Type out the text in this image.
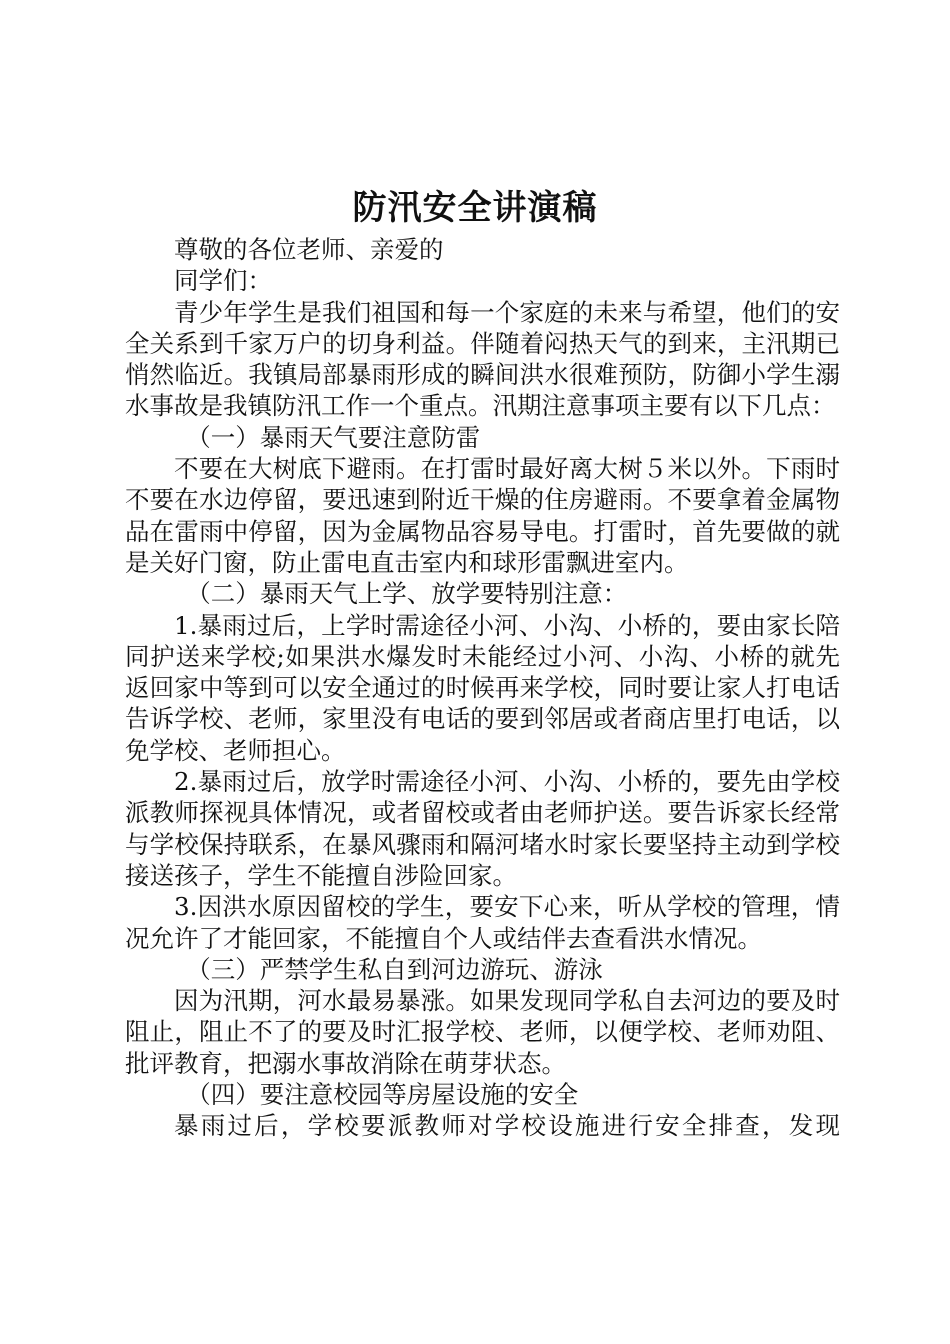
防汛安全讲演稿

尊敬的各位老师、亲爱的

同学们：

青少年学生是我们祖国和每一个家庭的未来与希望，他们的安全关系到千家万户的切身利益。伴随着闷热天气的到来，主汛期已悄然临近。我镇局部暴雨形成的瞬间洪水很难预防，防御小学生溺水事故是我镇防汛工作一个重点。汛期注意事项主要有以下几点：

（一）暴雨天气要注意防雷

不要在大树底下避雨。在打雷时最好离大树５米以外。下雨时不要在水边停留，要迅速到附近干燥的住房避雨。不要拿着金属物品在雷雨中停留，因为金属物品容易导电。打雷时，首先要做的就是关好门窗，防止雷电直击室内和球形雷飘进室内。

（二）暴雨天气上学、放学要特别注意：

1.暴雨过后，上学时需途径小河、小沟、小桥的，要由家长陪同护送来学校;如果洪水爆发时未能经过小河、小沟、小桥的就先返回家中等到可以安全通过的时候再来学校，同时要让家人打电话告诉学校、老师，家里没有电话的要到邻居或者商店里打电话，以免学校、老师担心。

2.暴雨过后，放学时需途径小河、小沟、小桥的，要先由学校派教师探视具体情况，或者留校或者由老师护送。要告诉家长经常与学校保持联系，在暴风骤雨和隔河堵水时家长要坚持主动到学校接送孩子，学生不能擅自涉险回家。

3.因洪水原因留校的学生，要安下心来，听从学校的管理，情况允许了才能回家，不能擅自个人或结伴去查看洪水情况。

（三）严禁学生私自到河边游玩、游泳

因为汛期，河水最易暴涨。如果发现同学私自去河边的要及时阻止，阻止不了的要及时汇报学校、老师，以便学校、老师劝阻、批评教育，把溺水事故消除在萌芽状态。

（四）要注意校园等房屋设施的安全

暴雨过后，学校要派教师对学校设施进行安全排查，发现
